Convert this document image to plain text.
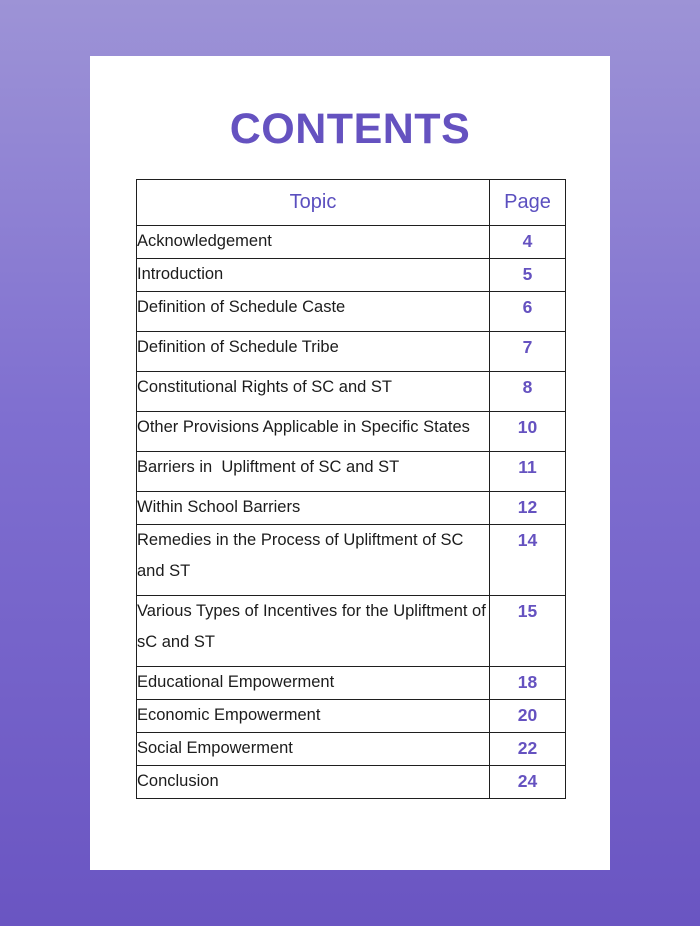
CONTENTS
Topic	Page
Acknowledgement	4
Introduction	5
Definition of Schedule Caste	6
Definition of Schedule Tribe	7
Constitutional Rights of SC and ST	8
Other Provisions Applicable in Specific States	10
Barriers in  Upliftment of SC and ST	11
Within School Barriers	12
Remedies in the Process of Upliftment of SC and ST	14
Various Types of Incentives for the Upliftment of sC and ST	15
Educational Empowerment	18
Economic Empowerment	20
Social Empowerment	22
Conclusion	24
